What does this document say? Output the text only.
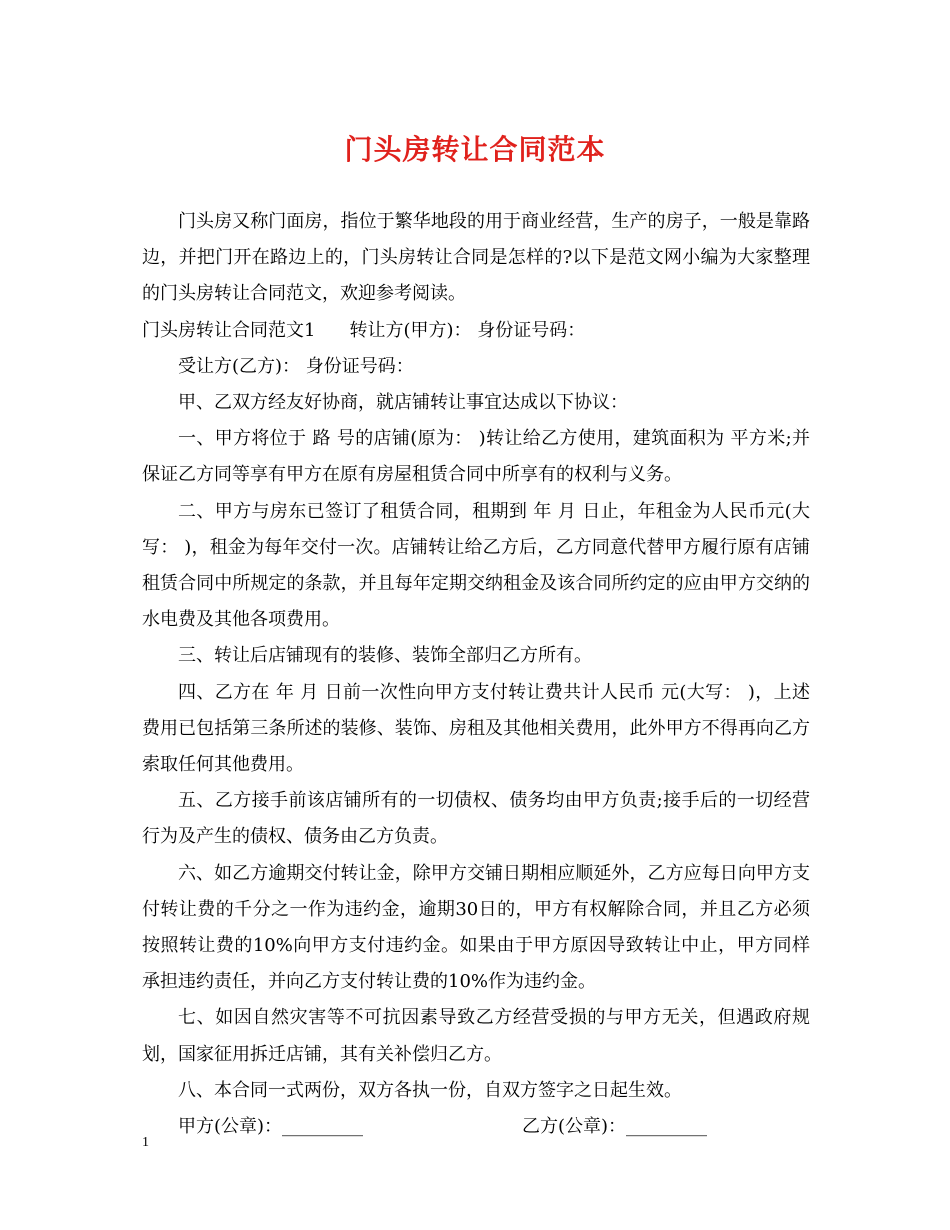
门头房转让合同范本

门头房又称门面房，指位于繁华地段的用于商业经营，生产的房子，一般是靠路边，并把门开在路边上的，门头房转让合同是怎样的?以下是范文网小编为大家整理的门头房转让合同范文，欢迎参考阅读。

门头房转让合同范文1 转让方(甲方)： 身份证号码：

受让方(乙方)： 身份证号码：

甲、乙双方经友好协商，就店铺转让事宜达成以下协议：

一、甲方将位于 路 号的店铺(原为： )转让给乙方使用，建筑面积为 平方米;并保证乙方同等享有甲方在原有房屋租赁合同中所享有的权利与义务。

二、甲方与房东已签订了租赁合同，租期到 年 月 日止，年租金为人民币元(大写： )，租金为每年交付一次。店铺转让给乙方后，乙方同意代替甲方履行原有店铺租赁合同中所规定的条款，并且每年定期交纳租金及该合同所约定的应由甲方交纳的水电费及其他各项费用。

三、转让后店铺现有的装修、装饰全部归乙方所有。

四、乙方在 年 月 日前一次性向甲方支付转让费共计人民币 元(大写： )，上述费用已包括第三条所述的装修、装饰、房租及其他相关费用，此外甲方不得再向乙方索取任何其他费用。

五、乙方接手前该店铺所有的一切债权、债务均由甲方负责;接手后的一切经营行为及产生的债权、债务由乙方负责。

六、如乙方逾期交付转让金，除甲方交铺日期相应顺延外，乙方应每日向甲方支付转让费的千分之一作为违约金，逾期30日的，甲方有权解除合同，并且乙方必须按照转让费的10%向甲方支付违约金。如果由于甲方原因导致转让中止，甲方同样承担违约责任，并向乙方支付转让费的10%作为违约金。

七、如因自然灾害等不可抗因素导致乙方经营受损的与甲方无关，但遇政府规划，国家征用拆迁店铺，其有关补偿归乙方。

八、本合同一式两份，双方各执一份，自双方签字之日起生效。

甲方(公章)：_________	乙方(公章)：_________
1
